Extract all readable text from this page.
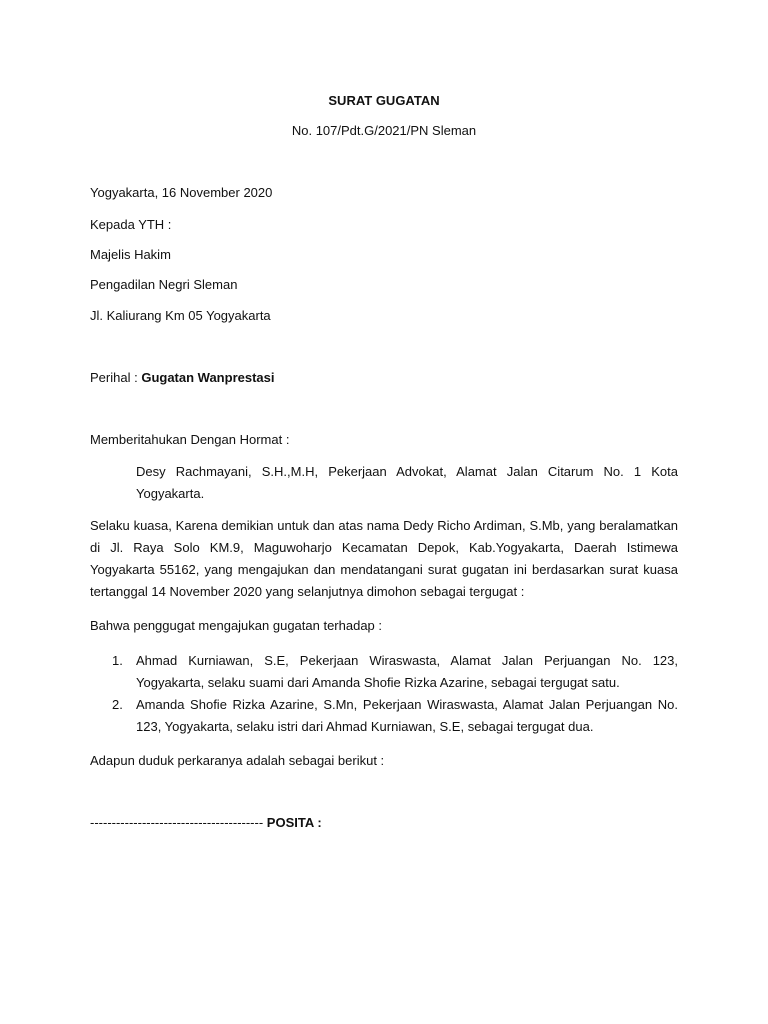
SURAT GUGATAN

No. 107/Pdt.G/2021/PN Sleman

Yogyakarta, 16 November 2020

Kepada YTH :

Majelis Hakim

Pengadilan Negri Sleman

Jl. Kaliurang Km 05 Yogyakarta

Perihal : Gugatan Wanprestasi

Memberitahukan Dengan Hormat :

Desy Rachmayani, S.H.,M.H, Pekerjaan Advokat, Alamat Jalan Citarum No. 1 Kota Yogyakarta.

Selaku kuasa, Karena demikian untuk dan atas nama Dedy Richo Ardiman, S.Mb, yang beralamatkan di Jl. Raya Solo KM.9, Maguwoharjo Kecamatan Depok, Kab.Yogyakarta, Daerah Istimewa Yogyakarta 55162, yang mengajukan dan mendatangani surat gugatan ini berdasarkan surat kuasa tertanggal 14 November 2020 yang selanjutnya dimohon sebagai tergugat :

Bahwa penggugat mengajukan gugatan terhadap :

1. Ahmad Kurniawan, S.E, Pekerjaan Wiraswasta, Alamat Jalan Perjuangan No. 123, Yogyakarta, selaku suami dari Amanda Shofie Rizka Azarine, sebagai tergugat satu.
2. Amanda Shofie Rizka Azarine, S.Mn, Pekerjaan Wiraswasta, Alamat Jalan Perjuangan No. 123, Yogyakarta, selaku istri dari Ahmad Kurniawan, S.E, sebagai tergugat dua.

Adapun duduk perkaranya adalah sebagai berikut :

---------------------------------------- POSITA :
